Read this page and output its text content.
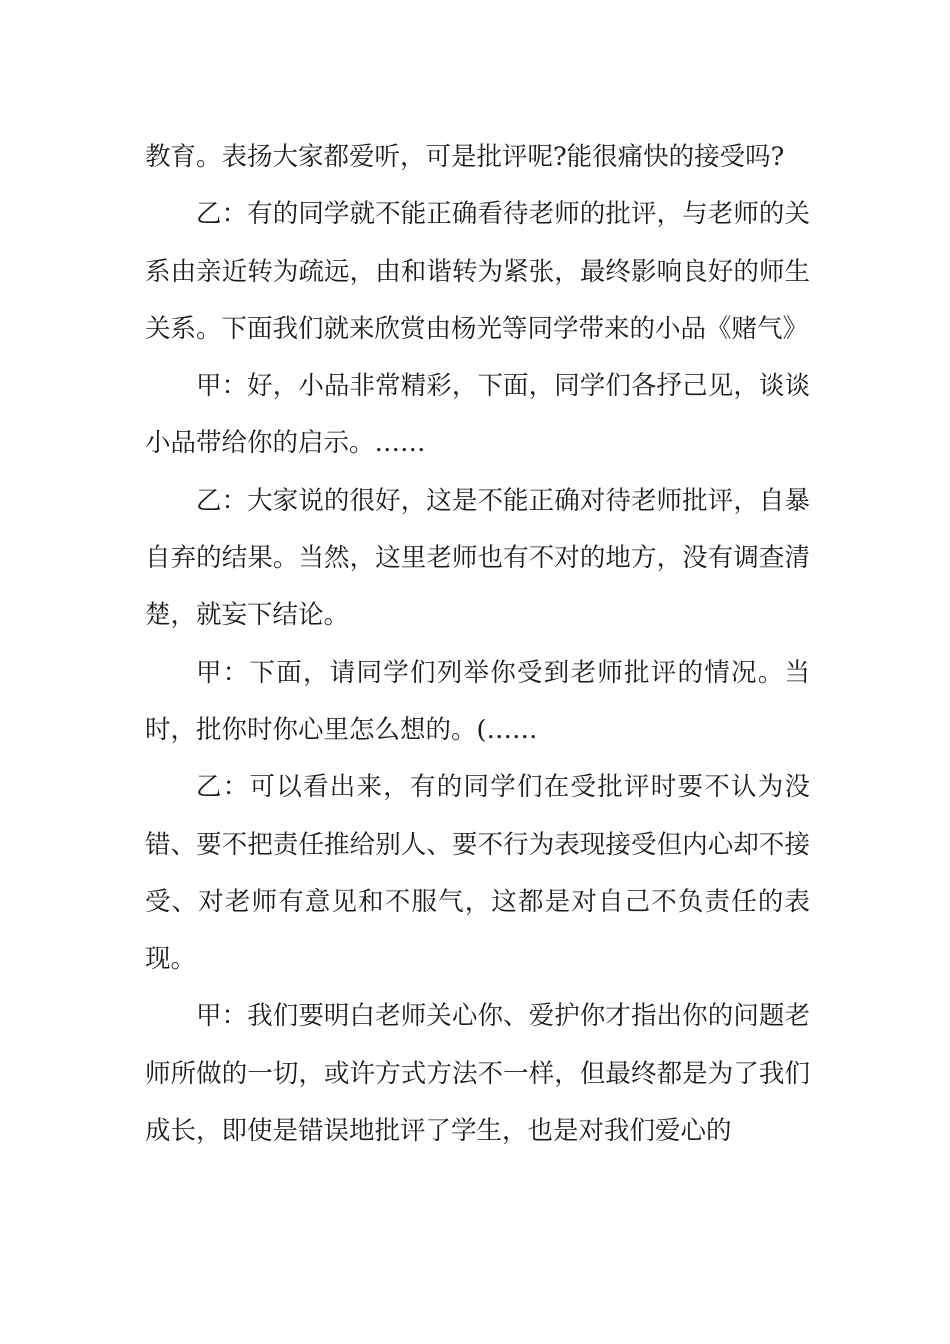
教育。表扬大家都爱听，可是批评呢?能很痛快的接受吗?

乙：有的同学就不能正确看待老师的批评，与老师的关系由亲近转为疏远，由和谐转为紧张，最终影响良好的师生关系。下面我们就来欣赏由杨光等同学带来的小品《赌气》

甲：好，小品非常精彩，下面，同学们各抒己见，谈谈小品带给你的启示。……

乙：大家说的很好，这是不能正确对待老师批评，自暴自弃的结果。当然，这里老师也有不对的地方，没有调查清楚，就妄下结论。

甲：下面，请同学们列举你受到老师批评的情况。当时，批你时你心里怎么想的。(……

乙：可以看出来，有的同学们在受批评时要不认为没错、要不把责任推给别人、要不行为表现接受但内心却不接受、对老师有意见和不服气，这都是对自己不负责任的表现。

甲：我们要明白老师关心你、爱护你才指出你的问题老师所做的一切，或许方式方法不一样，但最终都是为了我们成长，即使是错误地批评了学生，也是对我们爱心的
